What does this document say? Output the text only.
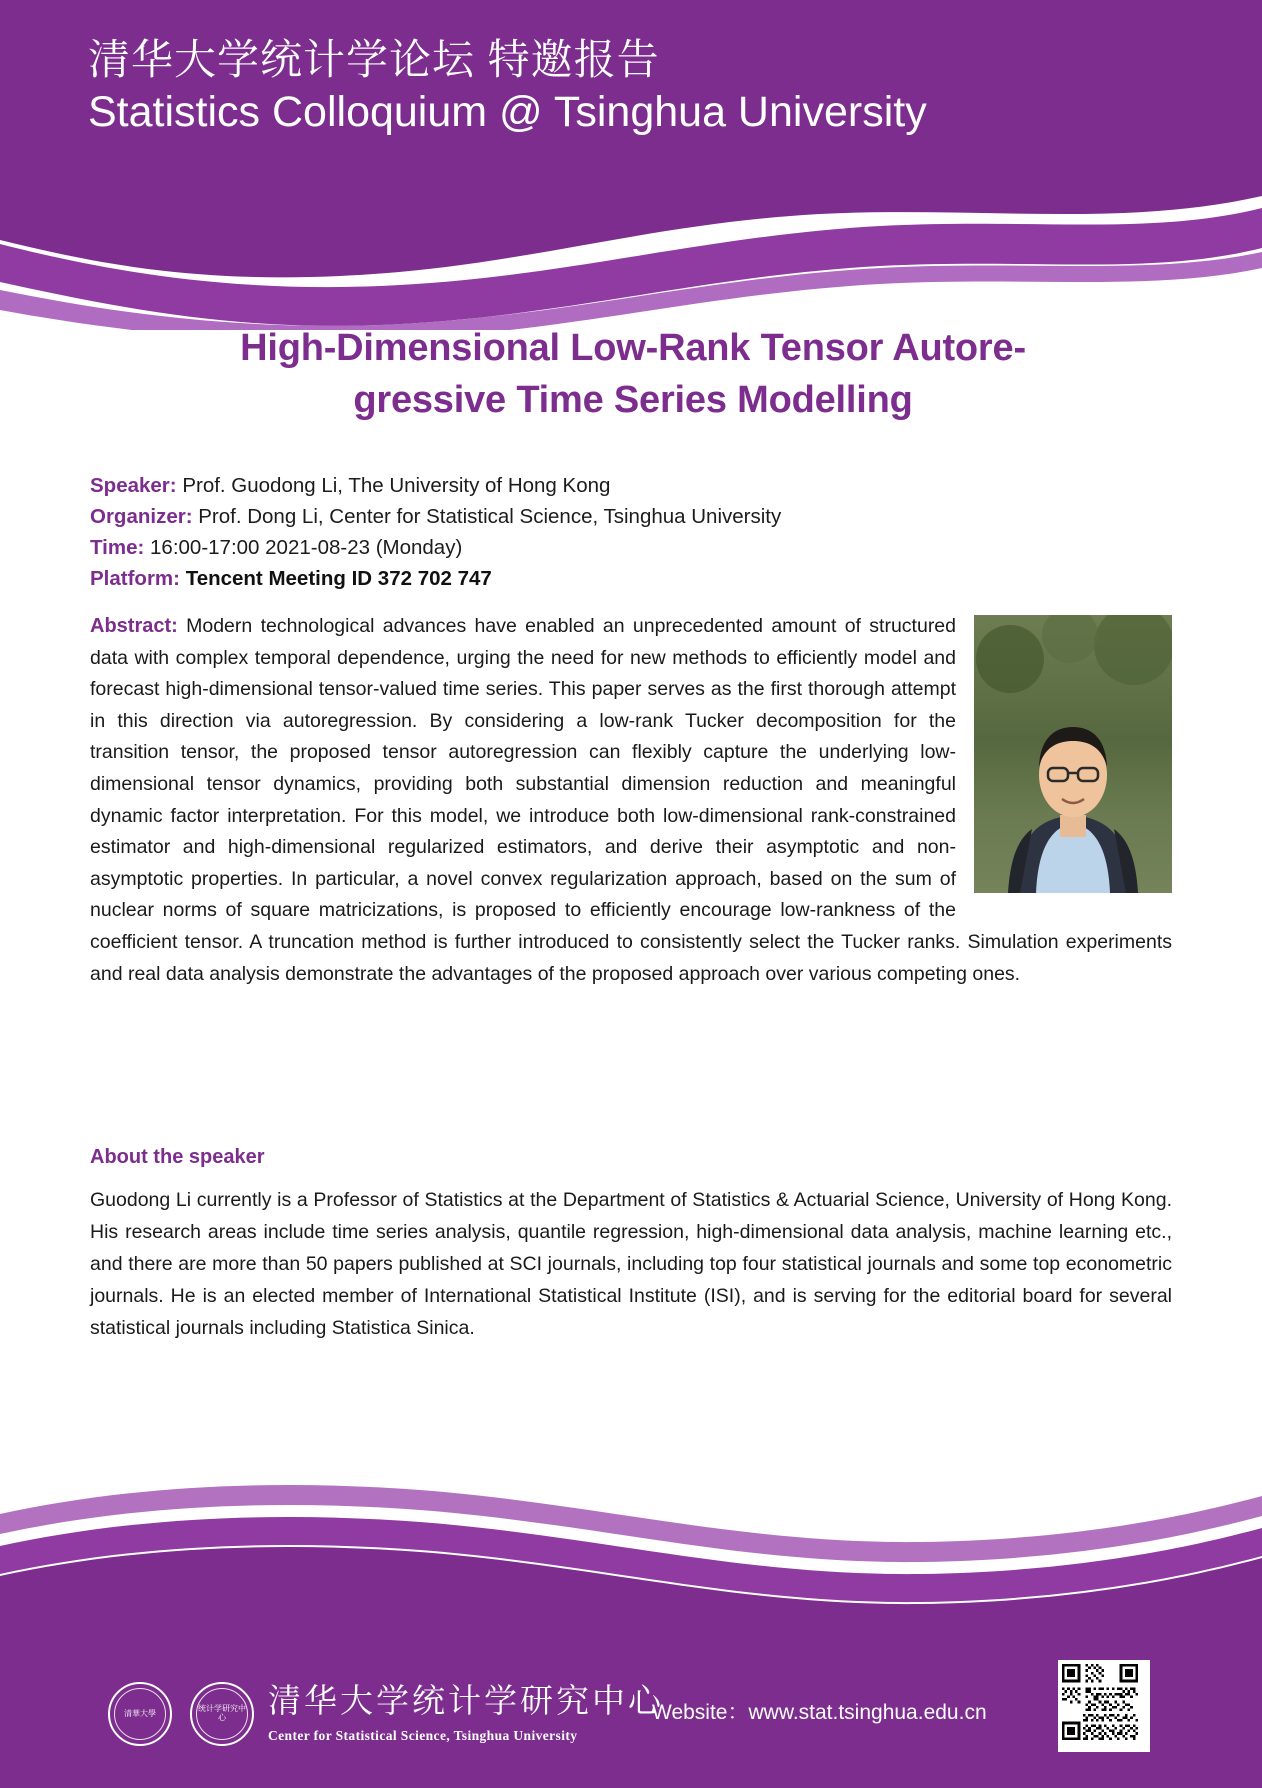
清华大学统计学论坛 特邀报告
Statistics Colloquium @ Tsinghua University
High-Dimensional Low-Rank Tensor Autore-
gressive Time Series Modelling
Speaker: Prof. Guodong Li, The University of Hong Kong
Organizer: Prof. Dong Li, Center for Statistical Science, Tsinghua University
Time: 16:00-17:00 2021-08-23 (Monday)
Platform: Tencent Meeting ID 372 702 747
Abstract: Modern technological advances have enabled an unprecedented amount of structured data with complex temporal dependence, urging the need for new methods to efficiently model and forecast high-dimensional tensor-valued time series. This paper serves as the first thorough attempt in this direction via autoregression. By considering a low-rank Tucker decomposition for the transition tensor, the proposed tensor autoregression can flexibly capture the underlying low-dimensional tensor dynamics, providing both substantial dimension reduction and meaningful dynamic factor interpretation. For this model, we introduce both low-dimensional rank-constrained estimator and high-dimensional regularized estimators, and derive their asymptotic and non-asymptotic properties. In particular, a novel convex regularization approach, based on the sum of nuclear norms of square matricizations, is proposed to efficiently encourage low-rankness of the coefficient tensor. A truncation method is further introduced to consistently select the Tucker ranks. Simulation experiments and real data analysis demonstrate the advantages of the proposed approach over various competing ones.
About the speaker
Guodong Li currently is a Professor of Statistics at the Department of Statistics & Actuarial Science, University of Hong Kong. His research areas include time series analysis, quantile regression, high-dimensional data analysis, machine learning etc., and there are more than 50 papers published at SCI journals, including top four statistical journals and some top econometric journals. He is an elected member of International Statistical Institute (ISI), and is serving for the editorial board for several statistical journals including Statistica Sinica.
清華大學	统计学研究中心	清华大学统计学研究中心
Center for Statistical Science, Tsinghua University
Website：www.stat.tsinghua.edu.cn
